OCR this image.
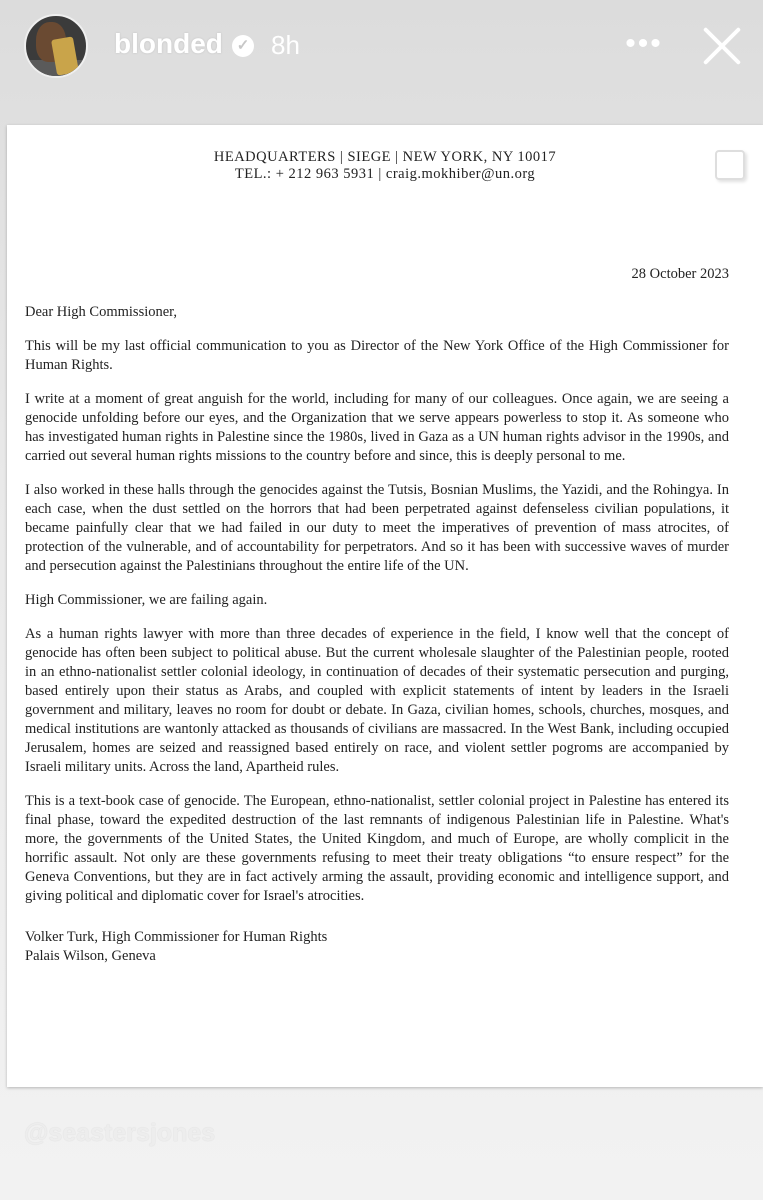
blonded ✓ 8h	•••
HEADQUARTERS | SIEGE | NEW YORK, NY 10017
TEL.: + 212 963 5931 | craig.mokhiber@un.org
28 October 2023

Dear High Commissioner,

This will be my last official communication to you as Director of the New York Office of the High Commissioner for Human Rights.

I write at a moment of great anguish for the world, including for many of our colleagues. Once again, we are seeing a genocide unfolding before our eyes, and the Organization that we serve appears powerless to stop it. As someone who has investigated human rights in Palestine since the 1980s, lived in Gaza as a UN human rights advisor in the 1990s, and carried out several human rights missions to the country before and since, this is deeply personal to me.

I also worked in these halls through the genocides against the Tutsis, Bosnian Muslims, the Yazidi, and the Rohingya. In each case, when the dust settled on the horrors that had been perpetrated against defenseless civilian populations, it became painfully clear that we had failed in our duty to meet the imperatives of prevention of mass atrocites, of protection of the vulnerable, and of accountability for perpetrators. And so it has been with successive waves of murder and persecution against the Palestinians throughout the entire life of the UN.

High Commissioner, we are failing again.

As a human rights lawyer with more than three decades of experience in the field, I know well that the concept of genocide has often been subject to political abuse. But the current wholesale slaughter of the Palestinian people, rooted in an ethno-nationalist settler colonial ideology, in continuation of decades of their systematic persecution and purging, based entirely upon their status as Arabs, and coupled with explicit statements of intent by leaders in the Israeli government and military, leaves no room for doubt or debate. In Gaza, civilian homes, schools, churches, mosques, and medical institutions are wantonly attacked as thousands of civilians are massacred. In the West Bank, including occupied Jerusalem, homes are seized and reassigned based entirely on race, and violent settler pogroms are accompanied by Israeli military units. Across the land, Apartheid rules.

This is a text-book case of genocide. The European, ethno-nationalist, settler colonial project in Palestine has entered its final phase, toward the expedited destruction of the last remnants of indigenous Palestinian life in Palestine. What's more, the governments of the United States, the United Kingdom, and much of Europe, are wholly complicit in the horrific assault. Not only are these governments refusing to meet their treaty obligations “to ensure respect” for the Geneva Conventions, but they are in fact actively arming the assault, providing economic and intelligence support, and giving political and diplomatic cover for Israel's atrocities.

Volker Turk, High Commissioner for Human Rights

Palais Wilson, Geneva

@seastersjones
